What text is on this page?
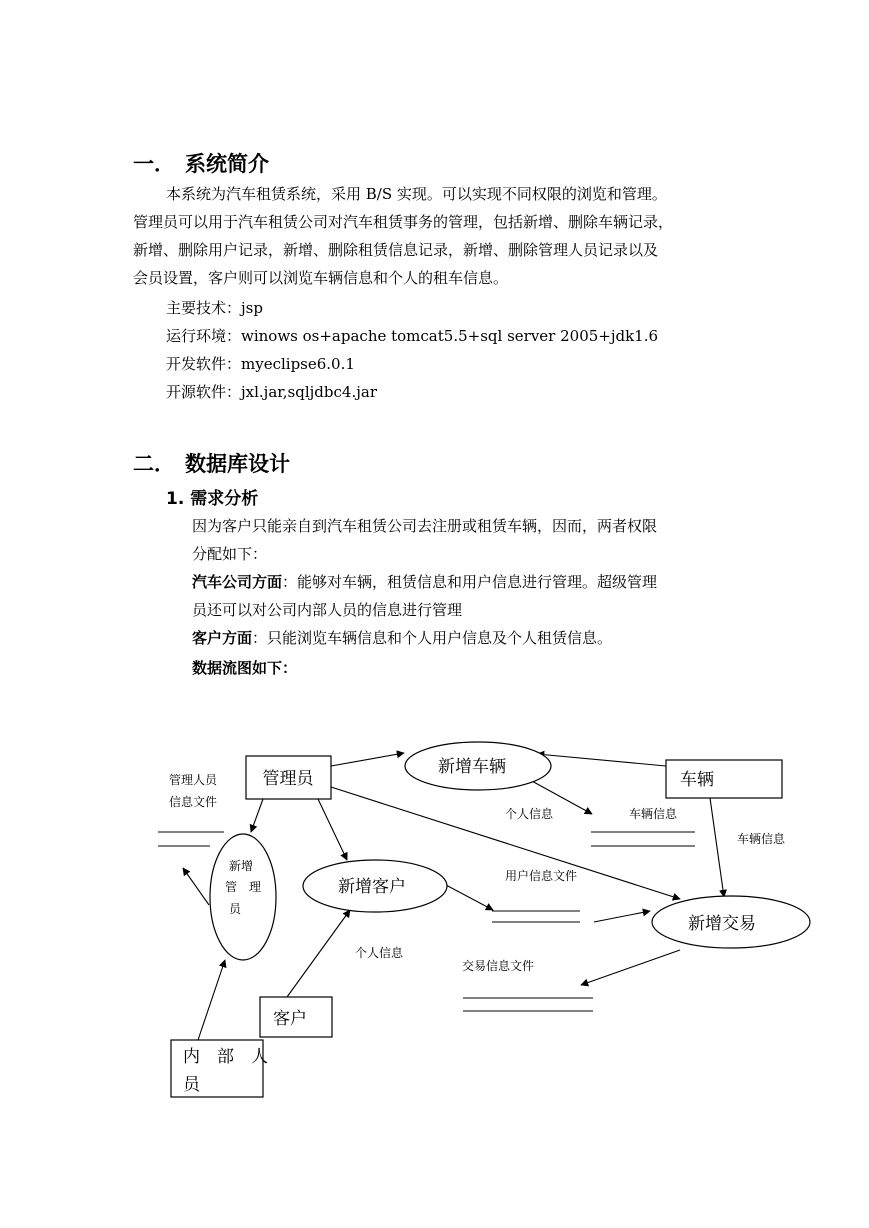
一． 系统简介
本系统为汽车租赁系统，采用 B/S 实现。可以实现不同权限的浏览和管理。
管理员可以用于汽车租赁公司对汽车租赁事务的管理，包括新增、删除车辆记录，
新增、删除用户记录，新增、删除租赁信息记录，新增、删除管理人员记录以及
会员设置，客户则可以浏览车辆信息和个人的租车信息。
主要技术：jsp
运行环境：winows os+apache tomcat5.5+sql server 2005+jdk1.6
开发软件：myeclipse6.0.1
开源软件：jxl.jar,sqljdbc4.jar
二． 数据库设计
1. 需求分析
因为客户只能亲自到汽车租赁公司去注册或租赁车辆，因而，两者权限
分配如下：
汽车公司方面：能够对车辆，租赁信息和用户信息进行管理。超级管理
员还可以对公司内部人员的信息进行管理
客户方面：只能浏览车辆信息和个人用户信息及个人租赁信息。
数据流图如下：
管理员	车辆
客户
内　部　人
员
新增车辆
新增客户
新增交易
新增
管　理
员
管理人员
信息文件
个人信息	车辆信息
车辆信息
用户信息文件
个人信息
交易信息文件
